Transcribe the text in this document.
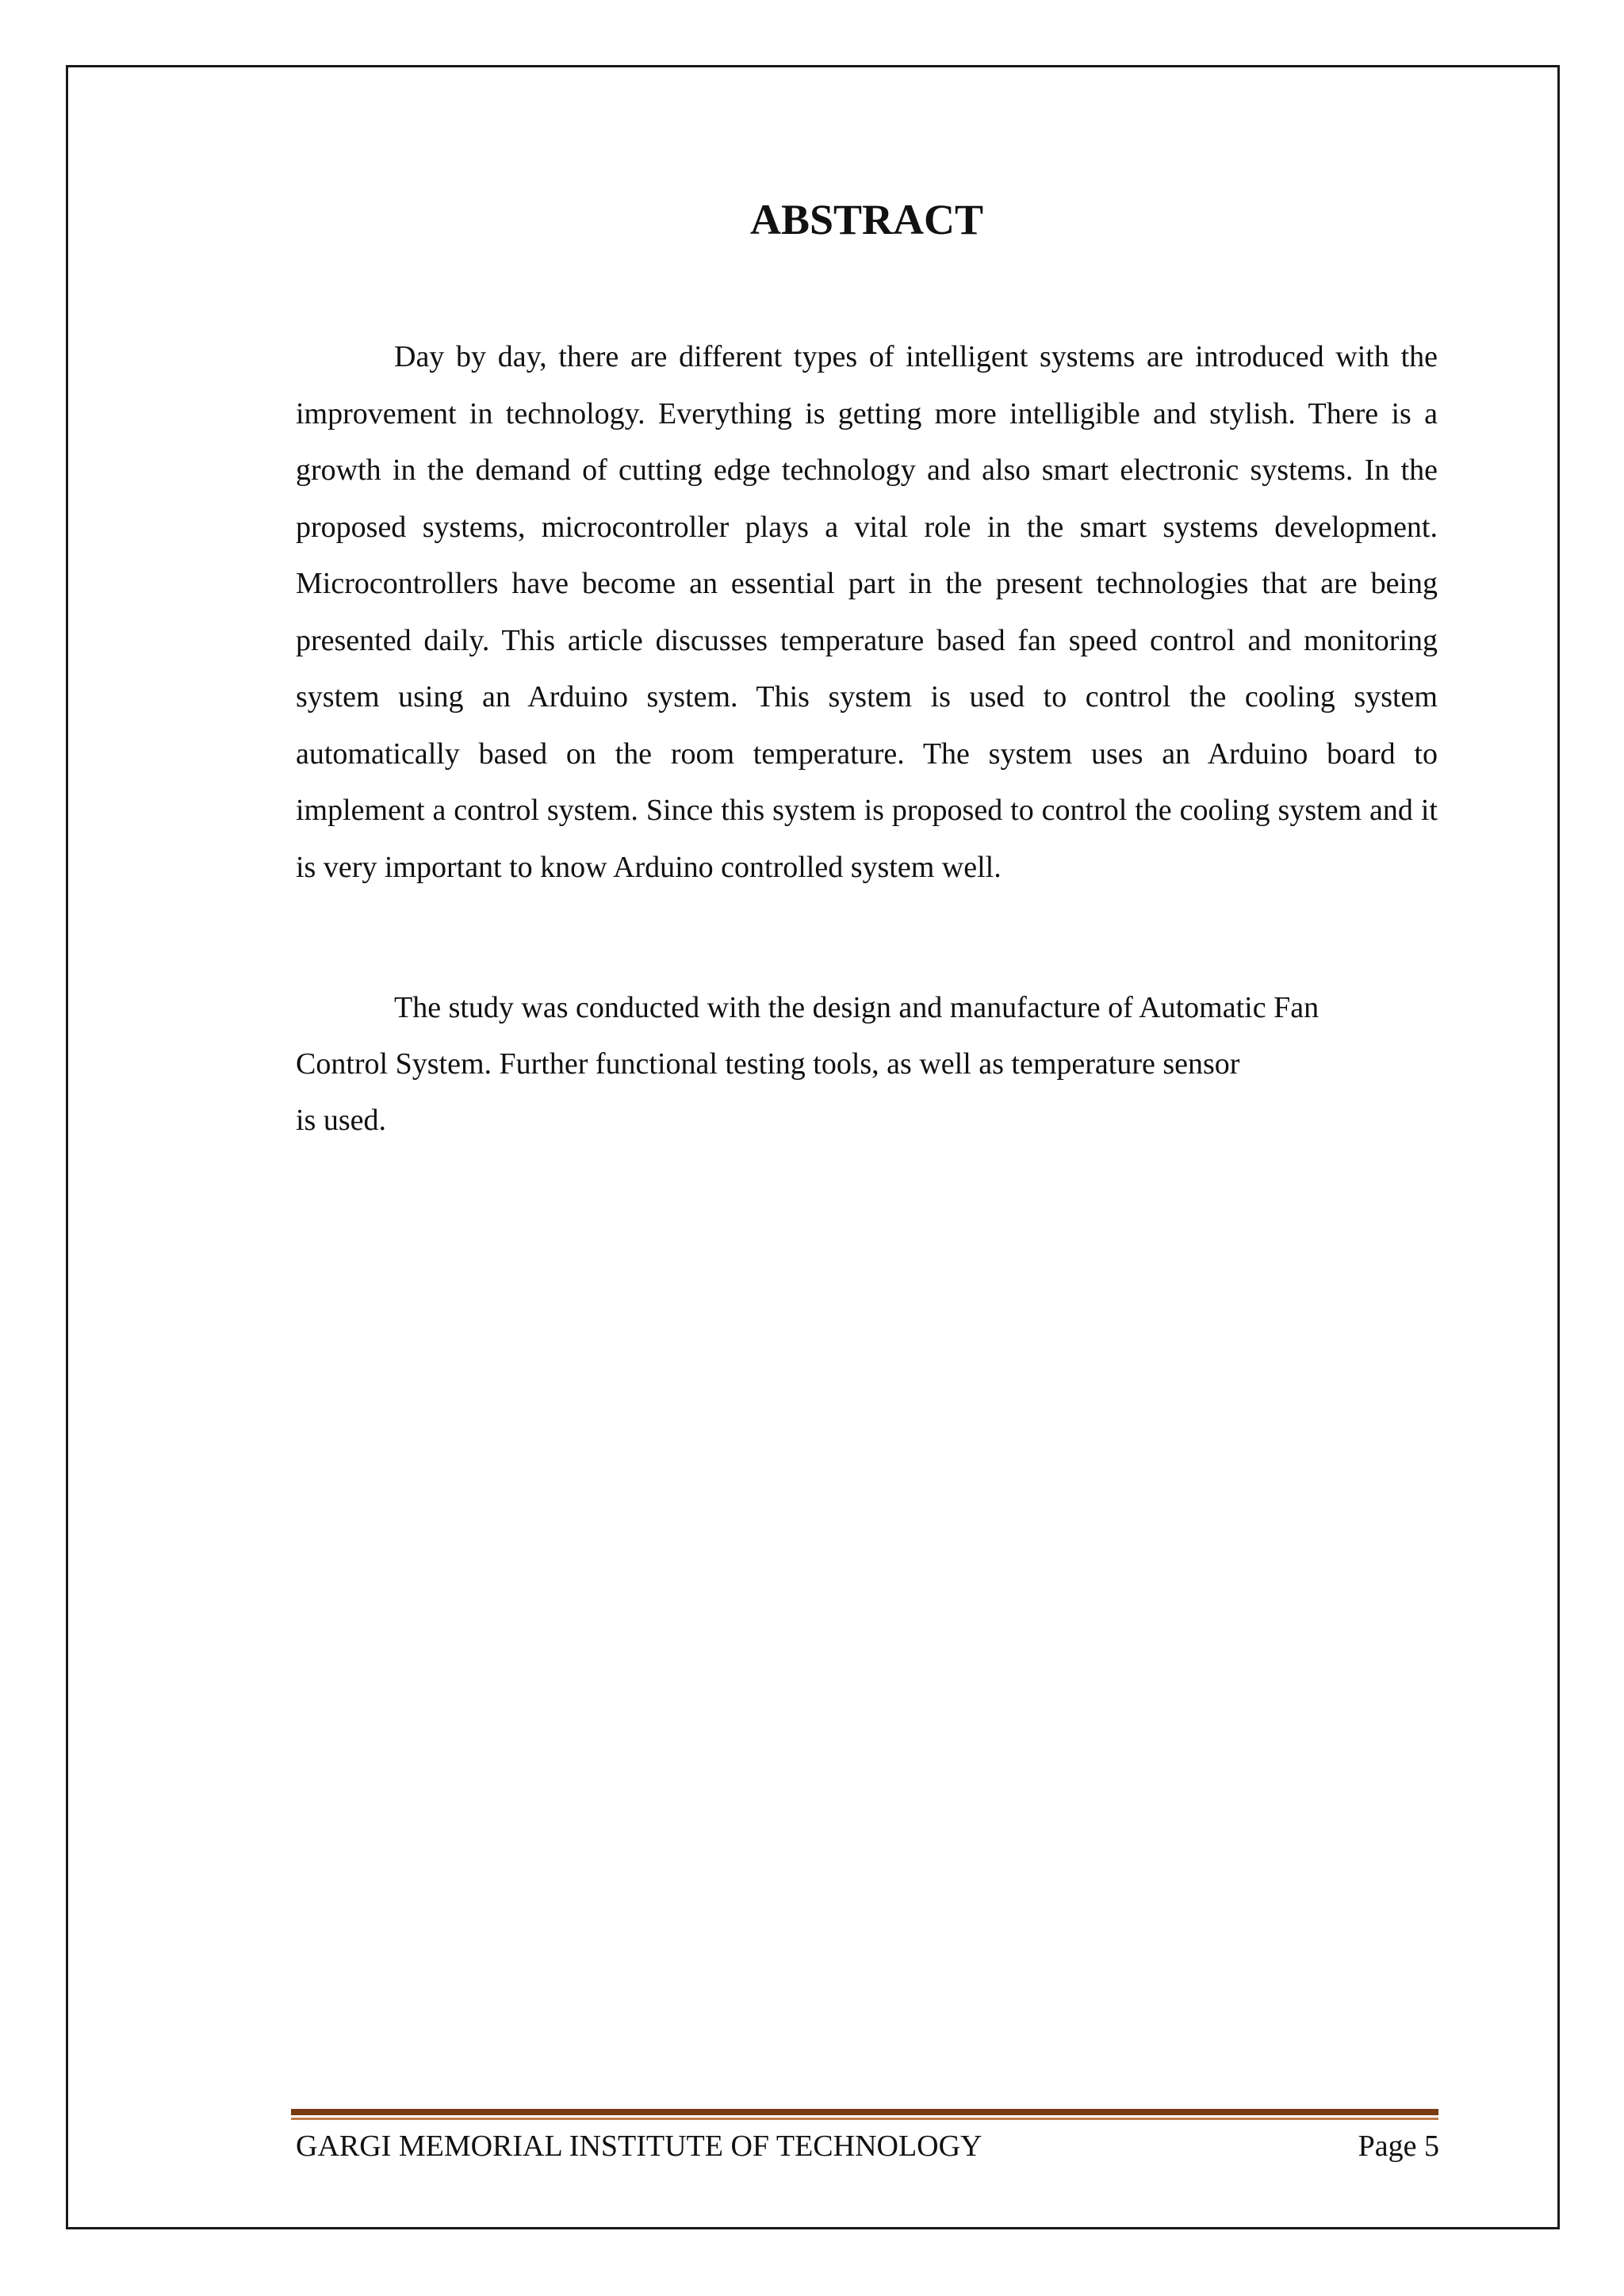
ABSTRACT

Day by day, there are different types of intelligent systems are introduced with the improvement in technology. Everything is getting more intelligible and stylish. There is a growth in the demand of cutting edge technology and also smart electronic systems. In the proposed systems, microcontroller plays a vital role in the smart systems development. Microcontrollers have become an essential part in the present technologies that are being presented daily. This article discusses temperature based fan speed control and monitoring system using an Arduino system. This system is used to control the cooling system automatically based on the room temperature. The system uses an Arduino board to implement a control system. Since this system is proposed to control the cooling system and it is very important to know Arduino controlled system well.

The study was conducted with the design and manufacture of Automatic Fan

Control System. Further functional testing tools, as well as temperature sensor

is used.

GARGI MEMORIAL INSTITUTE OF TECHNOLOGY	Page 5
